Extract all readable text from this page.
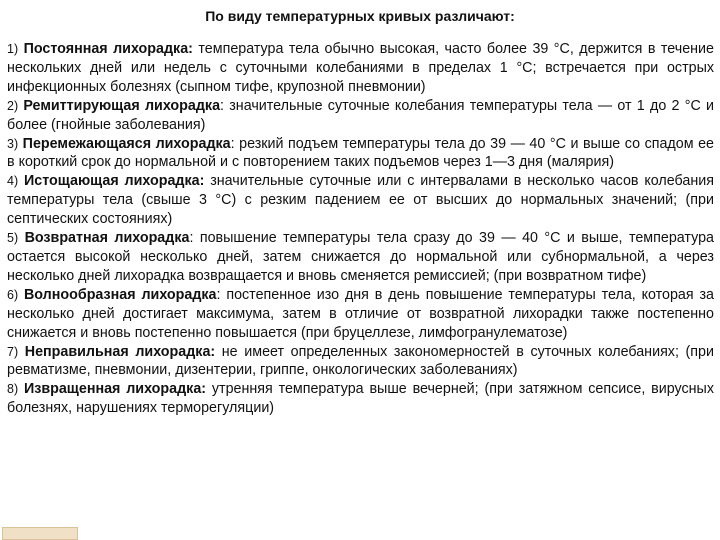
По виду температурных кривых различают:

1) Постоянная лихорадка: температура тела обычно высокая, часто более 39 °С, держится в течение нескольких дней или недель с суточными колебаниями в пределах 1 °С; встречается при острых инфекционных болезнях (сыпном тифе, крупозной пневмонии)

2) Ремиттирующая лихорадка: значительные суточные колебания температуры тела — от 1 до 2 °С и более (гнойные заболевания)

3) Перемежающаяся лихорадка: резкий подъем температуры тела до 39 — 40 °С и выше со спадом ее в короткий срок до нормальной и с повторением таких подъемов через 1—3 дня (малярия)

4) Истощающая лихорадка: значительные суточные или с интервалами в несколько часов колебания температуры тела (свыше 3 °С) с резким падением ее от высших до нормальных значений; (при септических состояниях)

5) Возвратная лихорадка: повышение температуры тела сразу до 39 — 40 °С и выше, температура остается высокой несколько дней, затем снижается до нормальной или субнормальной, а через несколько дней лихорадка возвращается и вновь сменяется ремиссией; (при возвратном тифе)

6) Волнообразная лихорадка: постепенное изо дня в день повышение температуры тела, которая за несколько дней достигает максимума, затем в отличие от возвратной лихорадки также постепенно снижается и вновь постепенно повышается (при бруцеллезе, лимфогранулематозе)

7) Неправильная лихорадка: не имеет определенных закономерностей в суточных колебаниях; (при ревматизме, пневмонии, дизентерии, гриппе, онкологических заболеваниях)

8) Извращенная лихорадка: утренняя температура выше вечерней; (при затяжном сепсисе, вирусных болезнях, нарушениях терморегуляции)
